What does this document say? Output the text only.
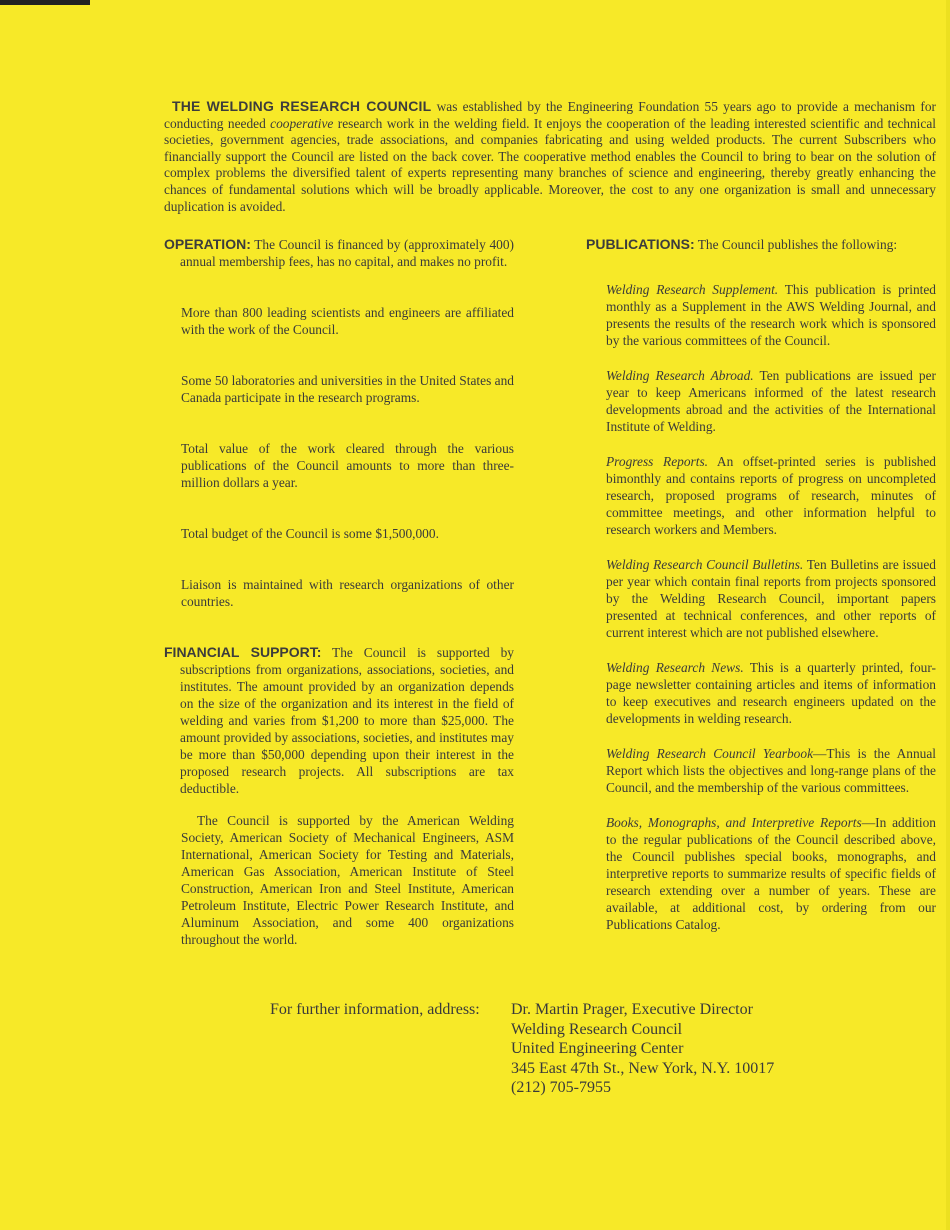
THE WELDING RESEARCH COUNCIL was established by the Engineering Foundation 55 years ago to provide a mechanism for conducting needed cooperative research work in the welding field. It enjoys the cooperation of the leading interested scientific and technical societies, government agencies, trade associations, and companies fabricating and using welded products. The current Subscribers who financially support the Council are listed on the back cover. The cooperative method enables the Council to bring to bear on the solution of complex problems the diversified talent of experts representing many branches of science and engineering, thereby greatly enhancing the chances of fundamental solutions which will be broadly applicable. Moreover, the cost to any one organization is small and unnecessary duplication is avoided.

OPERATION: The Council is financed by (approximately 400) annual membership fees, has no capital, and makes no profit.

More than 800 leading scientists and engineers are affiliated with the work of the Council.

Some 50 laboratories and universities in the United States and Canada participate in the research programs.

Total value of the work cleared through the various publications of the Council amounts to more than three-million dollars a year.

Total budget of the Council is some $1,500,000.

Liaison is maintained with research organizations of other countries.

FINANCIAL SUPPORT: The Council is supported by subscriptions from organizations, associations, societies, and institutes. The amount provided by an organization depends on the size of the organization and its interest in the field of welding and varies from $1,200 to more than $25,000. The amount provided by associations, societies, and institutes may be more than $50,000 depending upon their interest in the proposed research projects. All subscriptions are tax deductible.

The Council is supported by the American Welding Society, American Society of Mechanical Engineers, ASM International, American Society for Testing and Materials, American Gas Association, American Institute of Steel Construction, American Iron and Steel Institute, American Petroleum Institute, Electric Power Research Institute, and Aluminum Association, and some 400 organizations throughout the world.

PUBLICATIONS: The Council publishes the following:

Welding Research Supplement. This publication is printed monthly as a Supplement in the AWS Welding Journal, and presents the results of the research work which is sponsored by the various committees of the Council.

Welding Research Abroad. Ten publications are issued per year to keep Americans informed of the latest research developments abroad and the activities of the International Institute of Welding.

Progress Reports. An offset-printed series is published bimonthly and contains reports of progress on uncompleted research, proposed programs of research, minutes of committee meetings, and other information helpful to research workers and Members.

Welding Research Council Bulletins. Ten Bulletins are issued per year which contain final reports from projects sponsored by the Welding Research Council, important papers presented at technical conferences, and other reports of current interest which are not published elsewhere.

Welding Research News. This is a quarterly printed, four-page newsletter containing articles and items of information to keep executives and research engineers updated on the developments in welding research.

Welding Research Council Yearbook—This is the Annual Report which lists the objectives and long-range plans of the Council, and the membership of the various committees.

Books, Monographs, and Interpretive Reports—In addition to the regular publications of the Council described above, the Council publishes special books, monographs, and interpretive reports to summarize results of specific fields of research extending over a number of years. These are available, at additional cost, by ordering from our Publications Catalog.

For further information, address: Dr. Martin Prager, Executive Director
Welding Research Council
United Engineering Center
345 East 47th St., New York, N.Y. 10017
(212) 705-7955
